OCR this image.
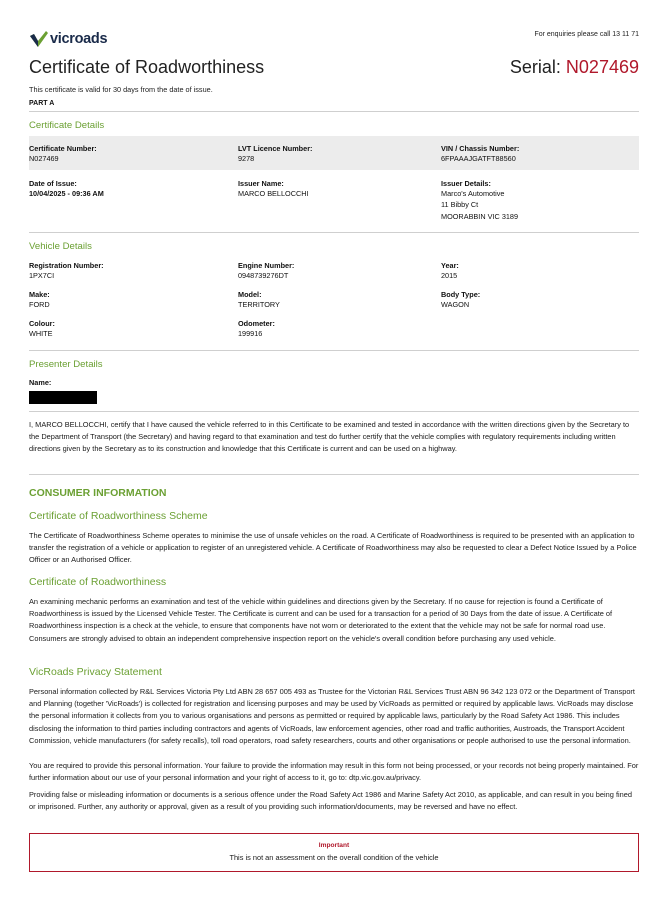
vicroads	For enquiries please call 13 11 71
Certificate of Roadworthiness	Serial: N027469
This certificate is valid for 30 days from the date of issue.
PART A
Certificate Details
Certificate Number:
N027469
LVT Licence Number:
9278
VIN / Chassis Number:
6FPAAAJGATFT88560
Date of Issue:
10/04/2025 - 09:36 AM
Issuer Name:
MARCO BELLOCCHI
Issuer Details:
Marco's Automotive
11 Bibby Ct
MOORABBIN VIC 3189
Vehicle Details
Registration Number:
1PX7CI
Engine Number:
0948739276DT
Year:
2015
Make:
FORD
Model:
TERRITORY
Body Type:
WAGON
Colour:
WHITE
Odometer:
199916
Presenter Details
Name:
I, MARCO BELLOCCHI, certify that I have caused the vehicle referred to in this Certificate to be examined and tested in accordance with the written directions given by the Secretary to the Department of Transport (the Secretary) and having regard to that examination and test do further certify that the vehicle complies with regulatory requirements including written directions given by the Secretary as to its construction and knowledge that this Certificate is current and can be used on a highway.
CONSUMER INFORMATION
Certificate of Roadworthiness Scheme
The Certificate of Roadworthiness Scheme operates to minimise the use of unsafe vehicles on the road. A Certificate of Roadworthiness is required to be presented with an application to transfer the registration of a vehicle or application to register of an unregistered vehicle. A Certificate of Roadworthiness may also be requested to clear a Defect Notice Issued by a Police Officer or an Authorised Officer.
Certificate of Roadworthiness
An examining mechanic performs an examination and test of the vehicle within guidelines and directions given by the Secretary. If no cause for rejection is found a Certificate of Roadworthiness is issued by the Licensed Vehicle Tester. The Certificate is current and can be used for a transaction for a period of 30 Days from the date of issue. A Certificate of Roadworthiness inspection is a check at the vehicle, to ensure that components have not worn or deteriorated to the extent that the vehicle may not be safe for normal road use. Consumers are strongly advised to obtain an independent comprehensive inspection report on the vehicle's overall condition before purchasing any used vehicle.
VicRoads Privacy Statement
Personal information collected by R&L Services Victoria Pty Ltd ABN 28 657 005 493 as Trustee for the Victorian R&L Services Trust ABN 96 342 123 072 or the Department of Transport and Planning (together 'VicRoads') is collected for registration and licensing purposes and may be used by VicRoads as permitted or required by applicable laws. VicRoads may disclose the personal information it collects from you to various organisations and persons as permitted or required by applicable laws, particularly by the Road Safety Act 1986. This includes disclosing the information to third parties including contractors and agents of VicRoads, law enforcement agencies, other road and traffic authorities, Austroads, the Transport Accident Commission, vehicle manufacturers (for safety recalls), toll road operators, road safety researchers, courts and other organisations or people authorised to use the personal information.
You are required to provide this personal information. Your failure to provide the information may result in this form not being processed, or your records not being properly maintained. For further information about our use of your personal information and your right of access to it, go to: dtp.vic.gov.au/privacy.
Providing false or misleading information or documents is a serious offence under the Road Safety Act 1986 and Marine Safety Act 2010, as applicable, and can result in you being fined or imprisoned. Further, any authority or approval, given as a result of you providing such information/documents, may be reversed and have no effect.
Important
This is not an assessment on the overall condition of the vehicle
